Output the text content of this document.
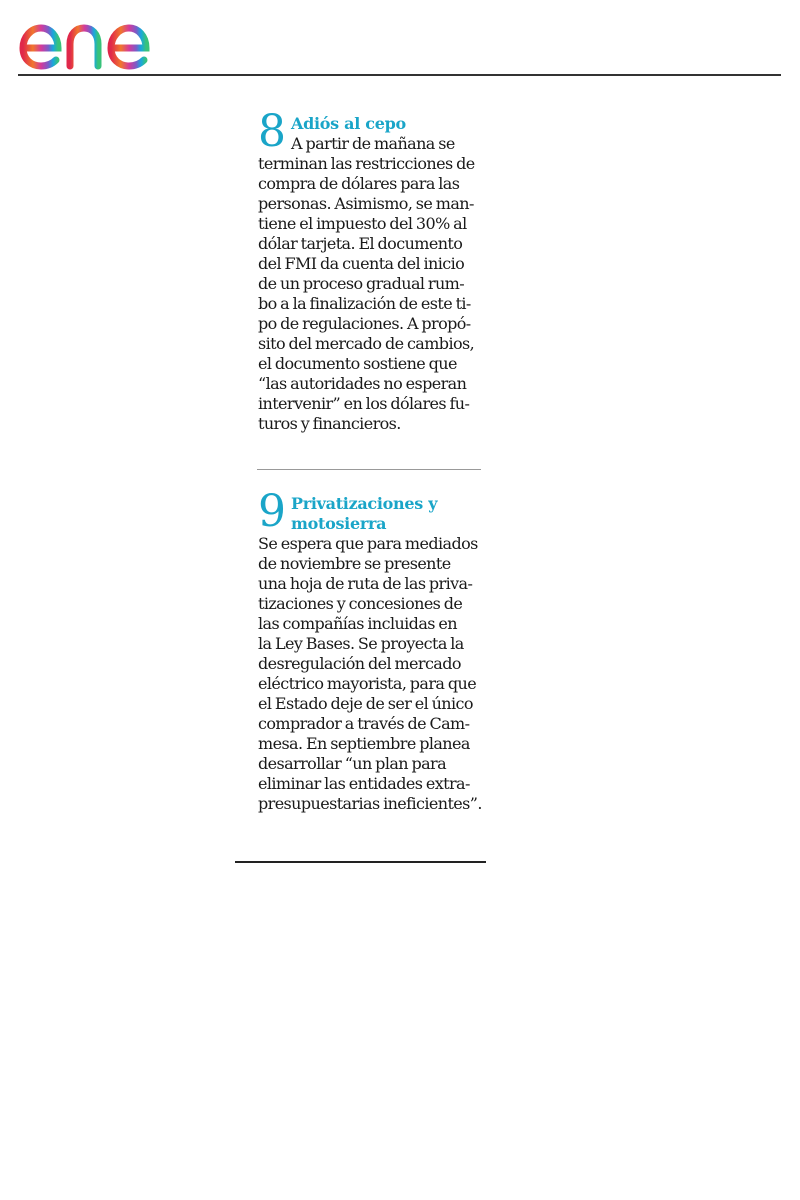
8 Adiós al cepo
A partir de mañana se
terminan las restricciones de
compra de dólares para las
personas. Asimismo, se man-
tiene el impuesto del 30% al
dólar tarjeta. El documento
del FMI da cuenta del inicio
de un proceso gradual rum-
bo a la finalización de este ti-
po de regulaciones. A propó-
sito del mercado de cambios,
el documento sostiene que
“las autoridades no esperan
intervenir” en los dólares fu-
turos y financieros.
9 Privatizaciones y
motosierra
Se espera que para mediados
de noviembre se presente
una hoja de ruta de las priva-
tizaciones y concesiones de
las compañías incluidas en
la Ley Bases. Se proyecta la
desregulación del mercado
eléctrico mayorista, para que
el Estado deje de ser el único
comprador a través de Cam-
mesa. En septiembre planea
desarrollar “un plan para
eliminar las entidades extra-
presupuestarias ineficientes”.
